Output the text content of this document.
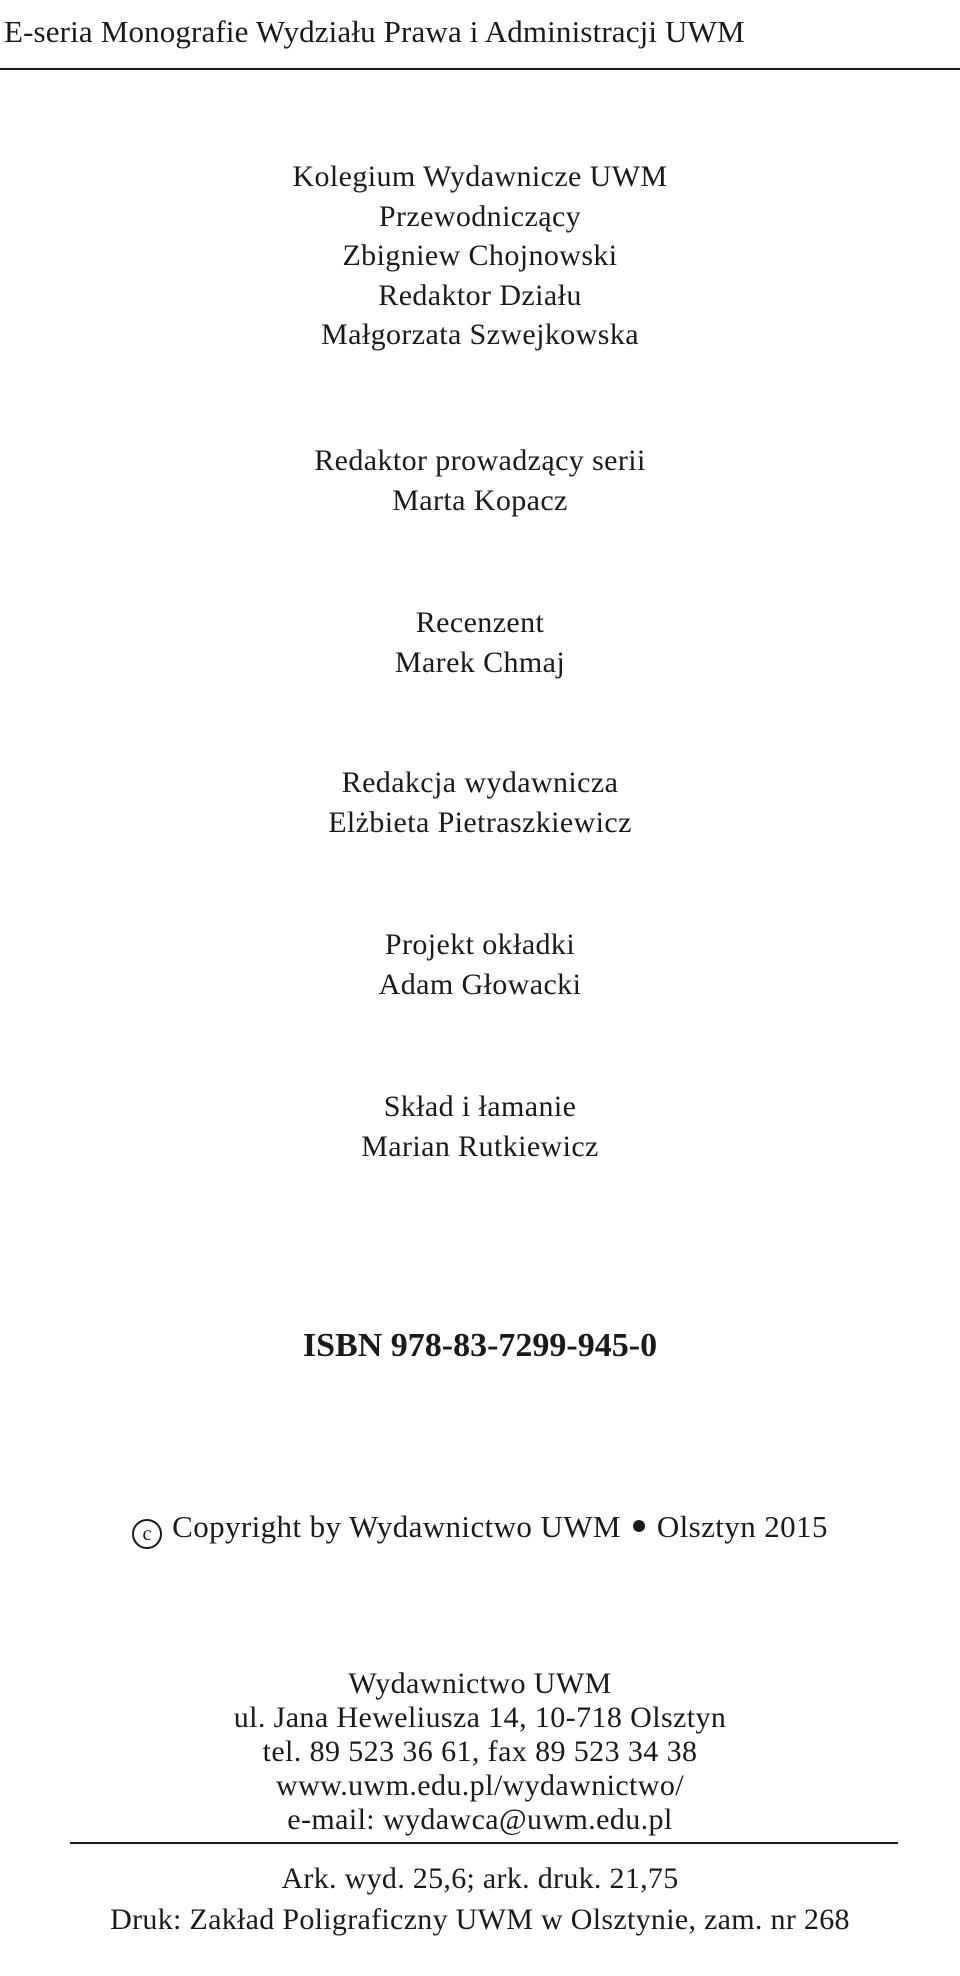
E-seria Monografie Wydziału Prawa i Administracji UWM
Kolegium Wydawnicze UWM
Przewodniczący
Zbigniew Chojnowski
Redaktor Działu
Małgorzata Szwejkowska
Redaktor prowadzący serii
Marta Kopacz
Recenzent
Marek Chmaj
Redakcja wydawnicza
Elżbieta Pietraszkiewicz
Projekt okładki
Adam Głowacki
Skład i łamanie
Marian Rutkiewicz
ISBN 978-83-7299-945-0
c Copyright by Wydawnictwo UWM Olsztyn 2015
Wydawnictwo UWM
ul. Jana Heweliusza 14, 10-718 Olsztyn
tel. 89 523 36 61, fax 89 523 34 38
www.uwm.edu.pl/wydawnictwo/
e-mail: wydawca@uwm.edu.pl
Ark. wyd. 25,6; ark. druk. 21,75
Druk: Zakład Poligraficzny UWM w Olsztynie, zam. nr 268
